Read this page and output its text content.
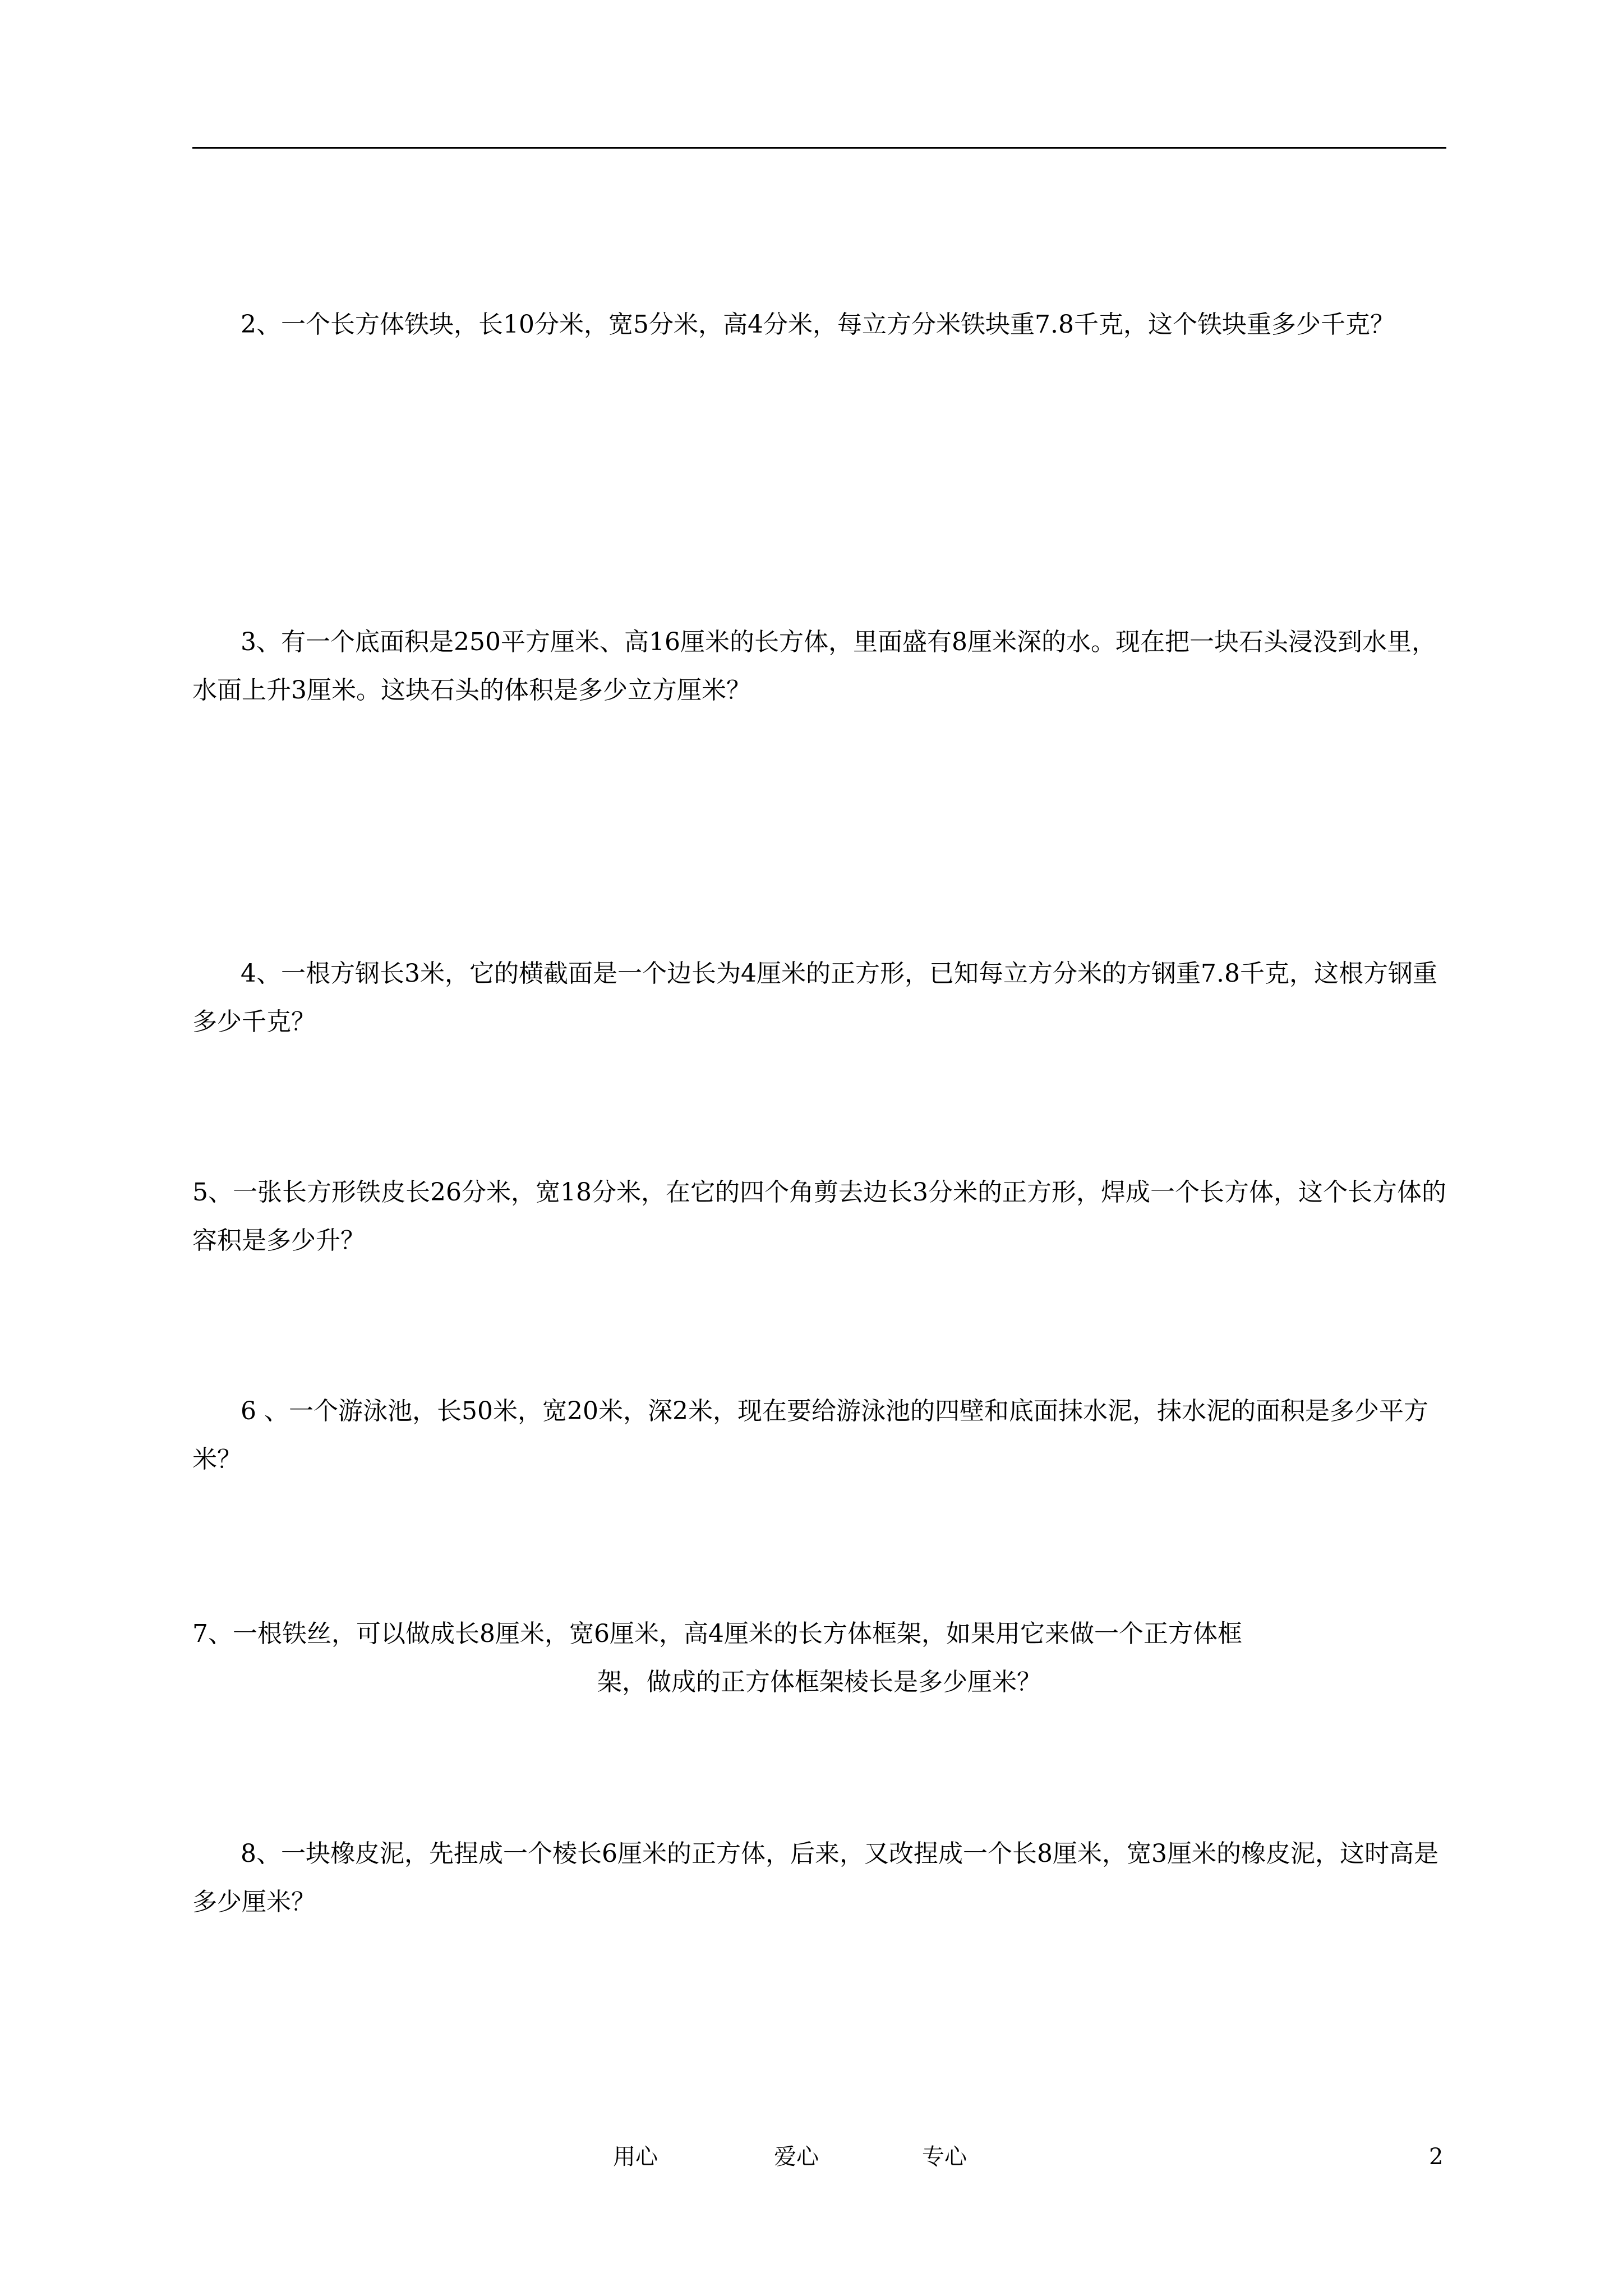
2、一个长方体铁块，长10分米，宽5分米，高4分米，每立方分米铁块重7.8千克，这个铁块重多少千克？

3、有一个底面积是250平方厘米、高16厘米的长方体，里面盛有8厘米深的水。现在把一块石头浸没到水里，水面上升3厘米。这块石头的体积是多少立方厘米？

4、一根方钢长3米，它的横截面是一个边长为4厘米的正方形，已知每立方分米的方钢重7.8千克，这根方钢重多少千克？

5、一张长方形铁皮长26分米，宽18分米，在它的四个角剪去边长3分米的正方形，焊成一个长方体，这个长方体的容积是多少升？

6 、一个游泳池，长50米，宽20米，深2米，现在要给游泳池的四壁和底面抹水泥，抹水泥的面积是多少平方米？

7、一根铁丝，可以做成长8厘米，宽6厘米，高4厘米的长方体框架，如果用它来做一个正方体框
架，做成的正方体框架棱长是多少厘米？

8、一块橡皮泥，先捏成一个棱长6厘米的正方体，后来，又改捏成一个长8厘米，宽3厘米的橡皮泥，这时高是多少厘米？

用心	爱心	专心	2
